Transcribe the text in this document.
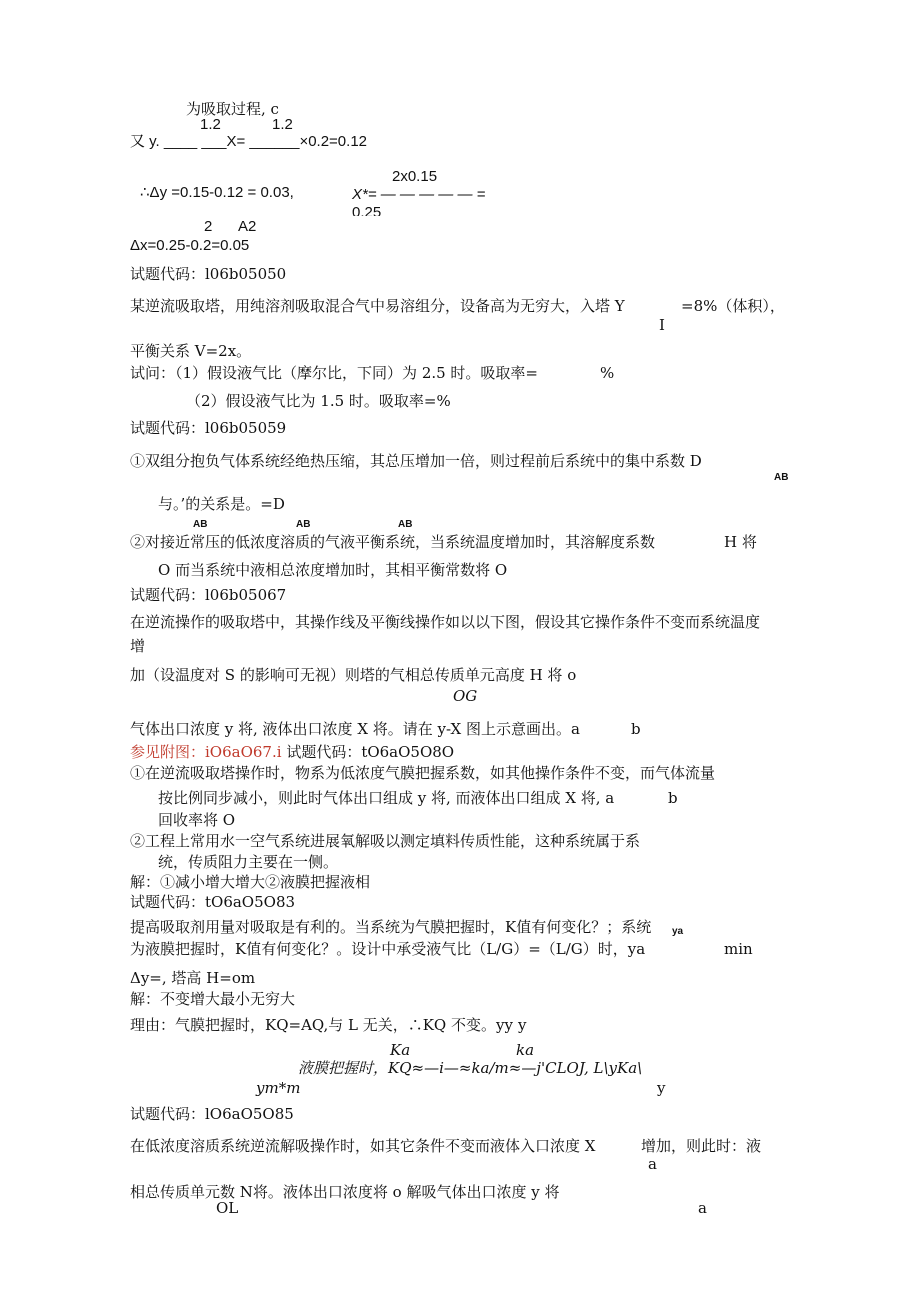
为吸取过程, c
1.2	1.2
又 y. ____ ___X= ______×0.2=0.12
2x0.15
∴Δy =0.15-0.12 = 0.03,	X*= — — — — — =
0.25
2 A2
Δx=0.25-0.2=0.05
试题代码：l06b05050
某逆流吸取塔，用纯溶剂吸取混合气中易溶组分，设备高为无穷大，入塔 Y	=8%（体积），
I
平衡关系 V=2x。
试问：（1）假设液气比（摩尔比，下同）为 2.5 时。吸取率=	%
（2）假设液气比为 1.5 时。吸取率=%
试题代码：l06b05059
①双组分抱负气体系统经绝热压缩，其总压增加一倍，则过程前后系统中的集中系数 D
AB
与。’的关系是。=D
AB	AB	AB
②对接近常压的低浓度溶质的气液平衡系统，当系统温度增加时，其溶解度系数	H 将
O 而当系统中液相总浓度增加时，其相平衡常数将 O
试题代码：l06b05067
在逆流操作的吸取塔中，其操作线及平衡线操作如以以下图，假设其它操作条件不变而系统温度
增
加（设温度对 S 的影响可无视）则塔的气相总传质单元高度 H 将 o
OG
气体出口浓度 y 将, 液体出口浓度 X 将。请在 y-X 图上示意画出。a	b
参见附图：iO6aO67.i 试题代码：tO6aO5O8O
①在逆流吸取塔操作时，物系为低浓度气膜把握系数，如其他操作条件不变，而气体流量
按比例同步减小，则此时气体出口组成 y 将, 而液体出口组成 X 将, a	b
回收率将 O
②工程上常用水一空气系统进展氧解吸以测定填料传质性能，这种系统属于系
统，传质阻力主要在一侧。
解：①减小增大增大②液膜把握液相
试题代码：tO6aO5O83
提高吸取剂用量对吸取是有利的。当系统为气膜把握时，K值有何变化？；系统 ya
为液膜把握时，K值有何变化？。设计中承受液气比（L/G）=（L/G）时，ya	min
Δy=, 塔高 H=om
解：不变增大最小无穷大
理由：气膜把握时，KQ=AQ,与 L 无关，∴KQ 不变。yy y
Ka	ka
液膜把握时，KQ≈—i—≈ka/m≈—j'CLOJ, L\yKa\
ym*m	y
试题代码：lO6aO5O85
在低浓度溶质系统逆流解吸操作时，如其它条件不变而液体入口浓度 X	增加，则此时：液
a
相总传质单元数 N将。液体出口浓度将 o 解吸气体出口浓度 y 将
OL	a
